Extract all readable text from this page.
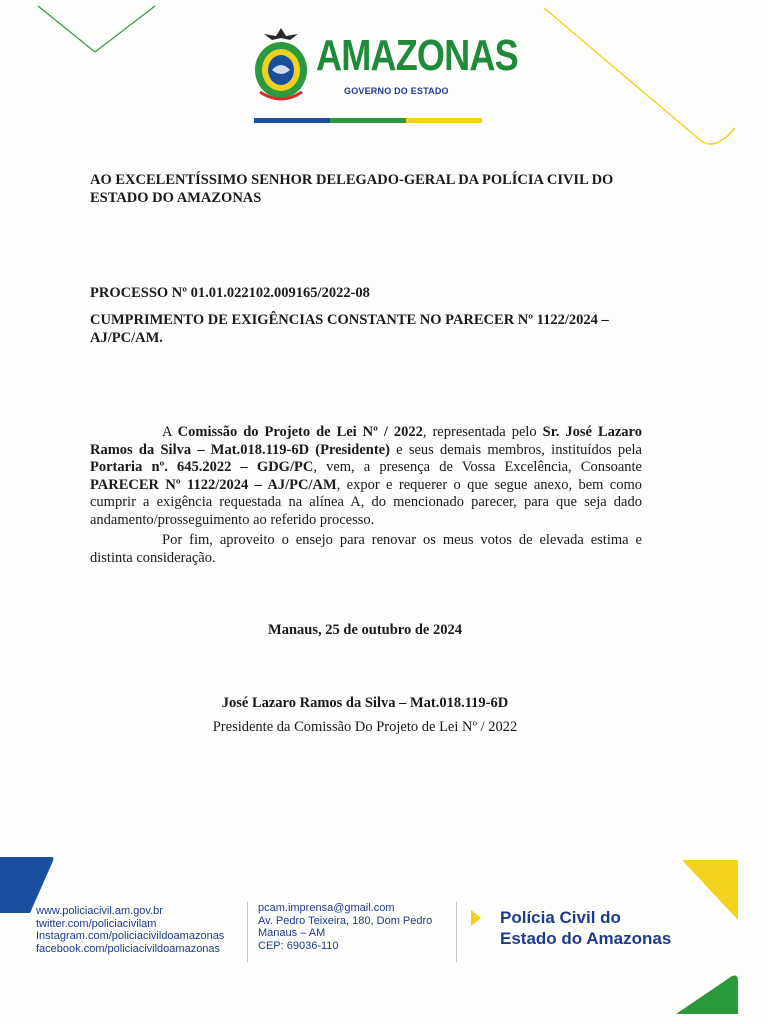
AMAZONAS
GOVERNO DO ESTADO
AO EXCELENTÍSSIMO SENHOR DELEGADO-GERAL DA POLÍCIA CIVIL DO ESTADO DO AMAZONAS
PROCESSO Nº 01.01.022102.009165/2022-08
CUMPRIMENTO DE EXIGÊNCIAS CONSTANTE NO PARECER Nº 1122/2024 – AJ/PC/AM.
A Comissão do Projeto de Lei Nº / 2022, representada pelo Sr. José Lazaro Ramos da Silva – Mat.018.119-6D (Presidente) e seus demais membros, instituídos pela Portaria nº. 645.2022 – GDG/PC, vem, a presença de Vossa Excelência, Consoante PARECER Nº 1122/2024 – AJ/PC/AM, expor e requerer o que segue anexo, bem como cumprir a exigência requestada na alínea A, do mencionado parecer, para que seja dado andamento/prosseguimento ao referido processo.
Por fim, aproveito o ensejo para renovar os meus votos de elevada estima e distinta consideração.
Manaus, 25 de outubro de 2024
José Lazaro Ramos da Silva – Mat.018.119-6D
Presidente da Comissão Do Projeto de Lei Nº / 2022
www.policiacivil.am.gov.br
twitter.com/policiacivilam
Instagram.com/policiacivildoamazonas
facebook.com/policiacivildoamazonas
pcam.imprensa@gmail.com
Av. Pedro Teixeira, 180, Dom Pedro
Manaus – AM
CEP: 69036-110
Polícia Civil do
Estado do Amazonas
